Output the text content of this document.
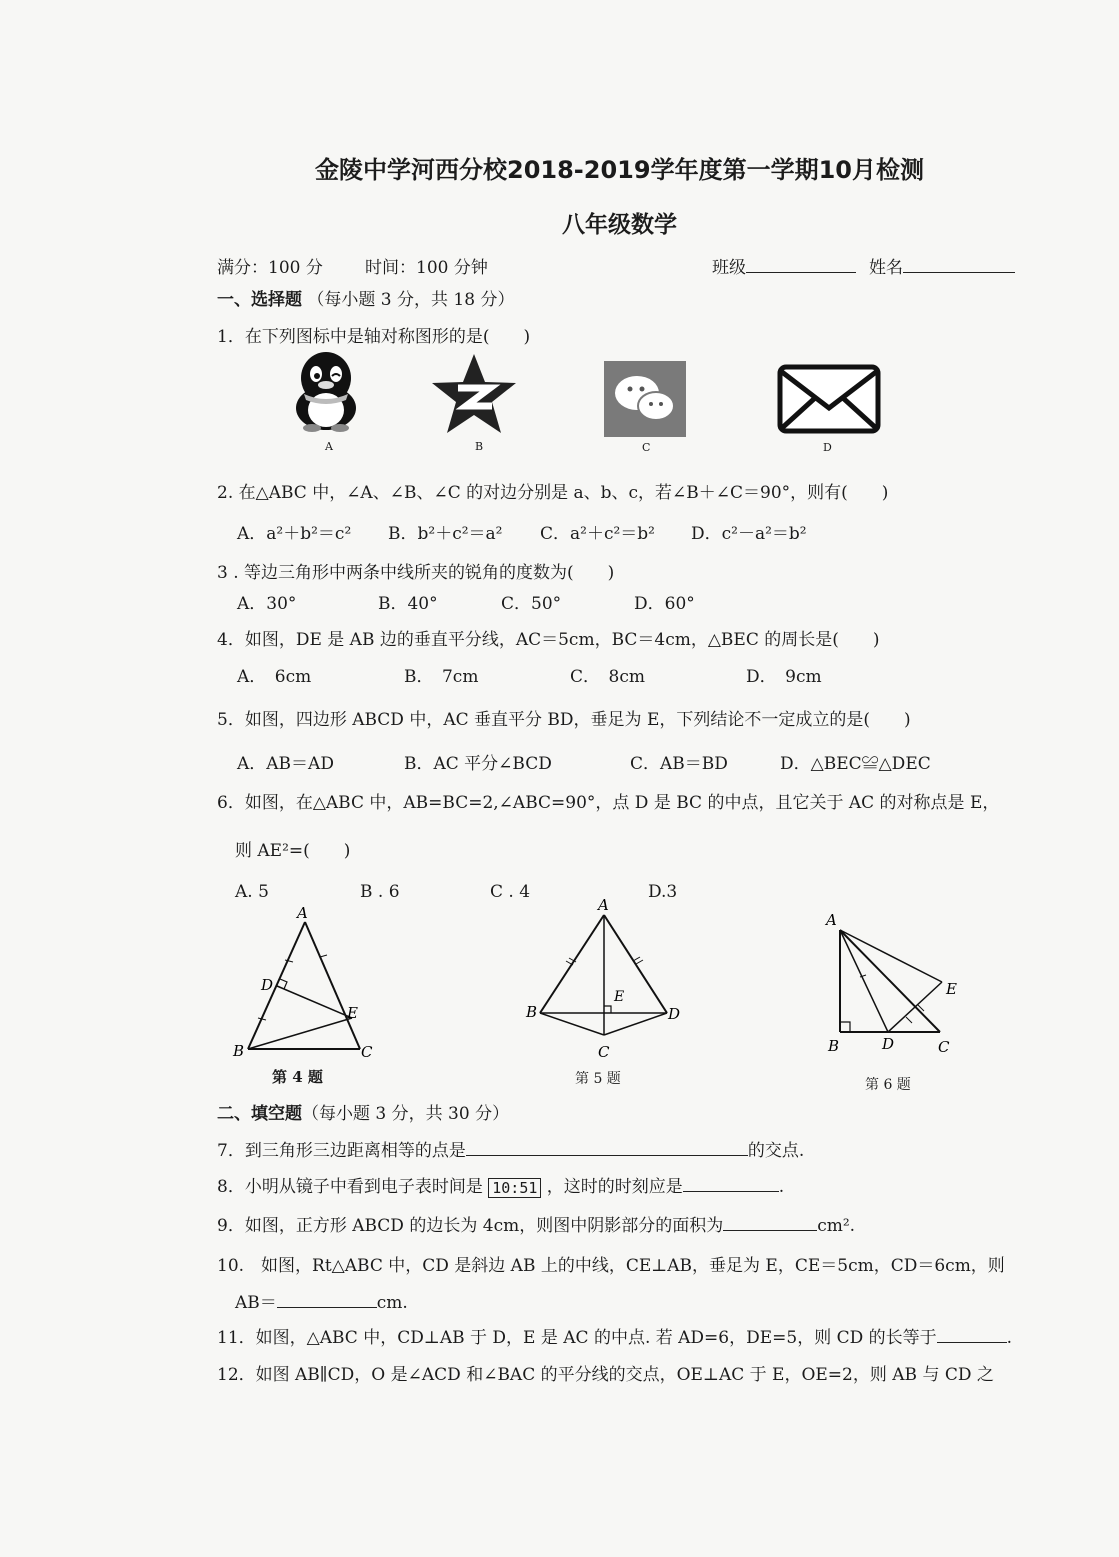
金陵中学河西分校2018-2019学年度第一学期10月检测
八年级数学
满分：100 分 时间：100 分钟	班级	姓名
一、选择题 （每小题 3 分，共 18 分）
1．在下列图标中是轴对称图形的是(　　)
A	B	C	D
2. 在△ABC 中，∠A、∠B、∠C 的对边分别是 a、b、c，若∠B＋∠C＝90°，则有(　　)
A．a²＋b²＝c² B．b²＋c²＝a² C．a²＋c²＝b² D．c²－a²＝b²
3 . 等边三角形中两条中线所夹的锐角的度数为(　　)
A．30°	B．40°	C．50°	D．60°
4．如图，DE 是 AB 边的垂直平分线，AC＝5cm，BC＝4cm，△BEC 的周长是(　　)
A．　6cm	B．　7cm	C．　8cm	D．　9cm
5．如图，四边形 ABCD 中，AC 垂直平分 BD，垂足为 E，下列结论不一定成立的是(　　)
A．AB＝AD	B．AC 平分∠BCD	C．AB＝BD	D．△BEC≌△DEC
6．如图，在△ABC 中，AB=BC=2,∠ABC=90°，点 D 是 BC 的中点，且它关于 AC 的对称点是 E，
则 AE²=(　　)
A. 5	B . 6	C . 4	D.3
A
D
E
B	C
第 4 题
A
E
B	D
C
第 5 题
A
E
B	D	C
第 6 题
二、填空题（每小题 3 分，共 30 分）
7．到三角形三边距离相等的点是	的交点.
8．小明从镜子中看到电子表时间是 10:51 ，这时的时刻应是	.
9．如图，正方形 ABCD 的边长为 4cm，则图中阴影部分的面积为	cm².
10.　如图，Rt△ABC 中，CD 是斜边 AB 上的中线，CE⊥AB，垂足为 E，CE＝5cm，CD＝6cm，则
AB＝	cm.
11．如图，△ABC 中，CD⊥AB 于 D，E 是 AC 的中点. 若 AD=6，DE=5，则 CD 的长等于	.
12．如图 AB∥CD，O 是∠ACD 和∠BAC 的平分线的交点，OE⊥AC 于 E，OE=2，则 AB 与 CD 之
